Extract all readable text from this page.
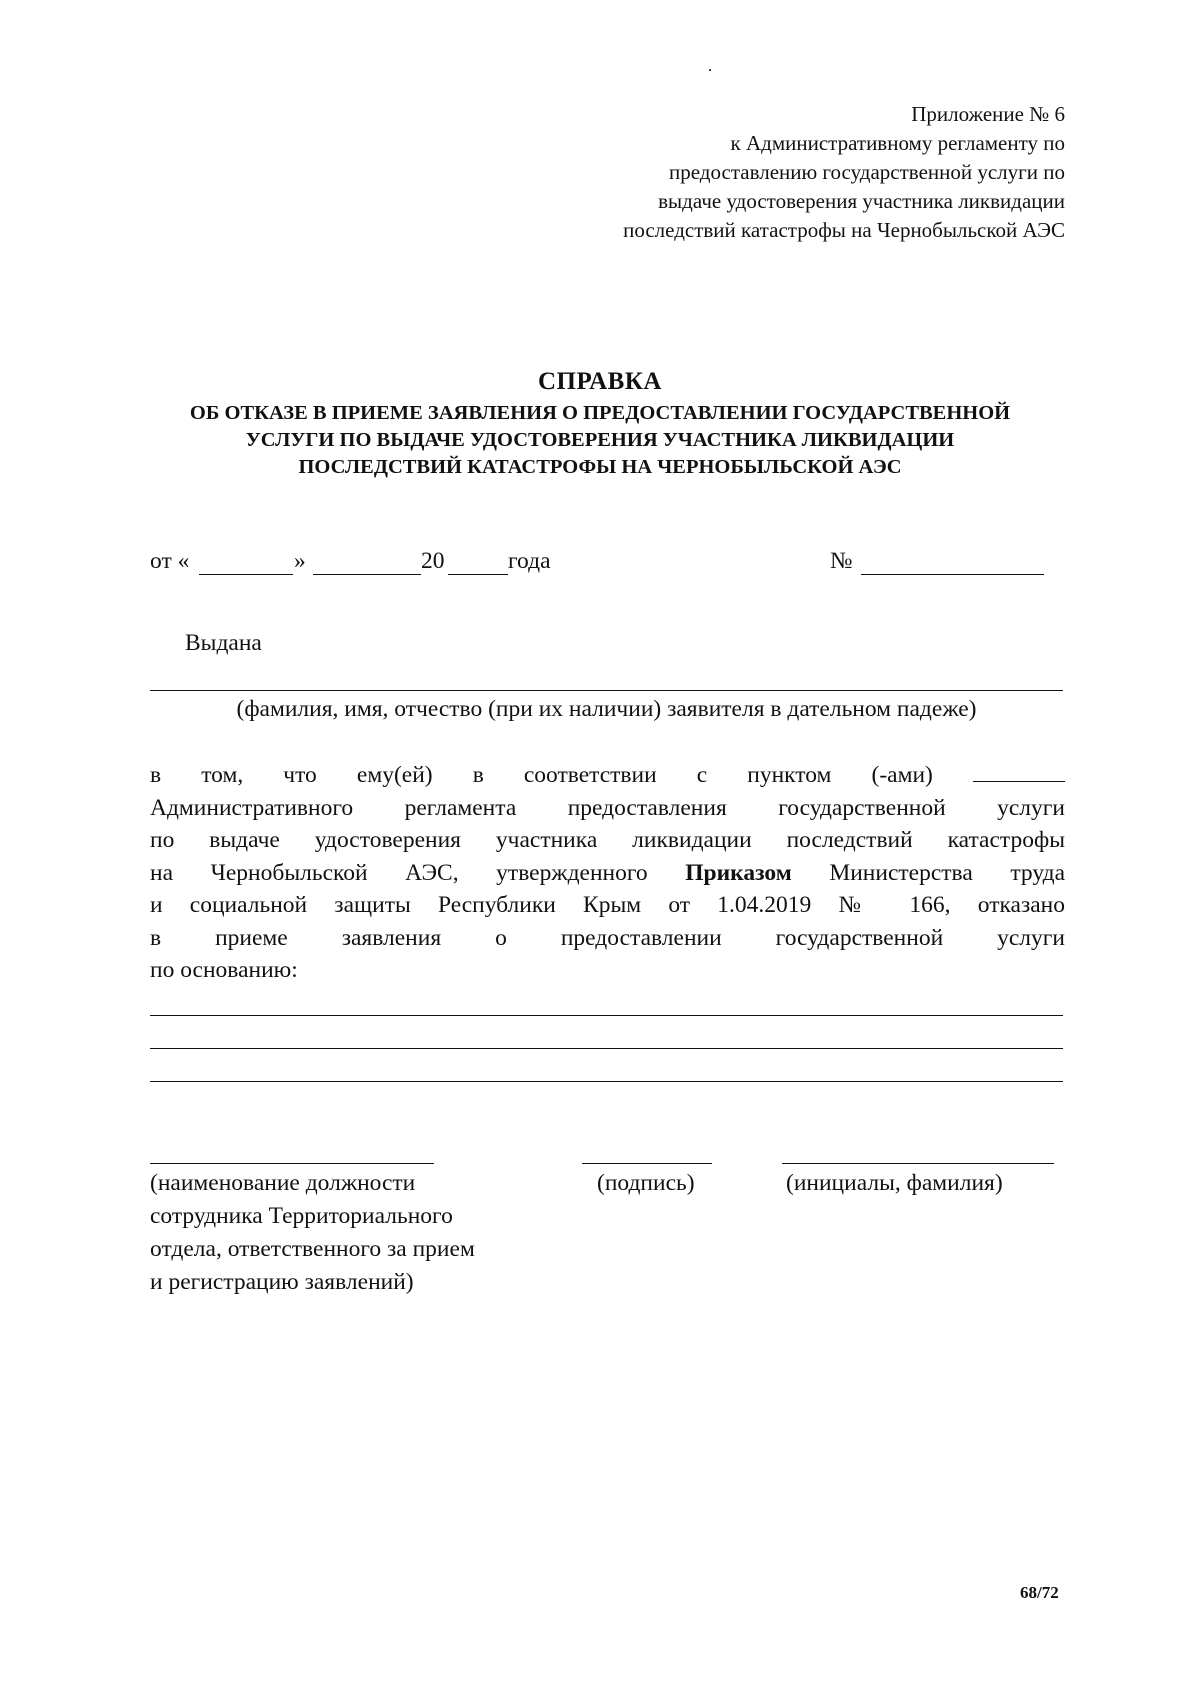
Приложение № 6
к Административному регламенту по
предоставлению государственной услуги по
выдаче удостоверения участника ликвидации
последствий катастрофы на Чернобыльской АЭС
СПРАВКА
ОБ ОТКАЗЕ В ПРИЕМЕ ЗАЯВЛЕНИЯ О ПРЕДОСТАВЛЕНИИ ГОСУДАРСТВЕННОЙ
УСЛУГИ ПО ВЫДАЧЕ УДОСТОВЕРЕНИЯ УЧАСТНИКА ЛИКВИДАЦИИ
ПОСЛЕДСТВИЙ КАТАСТРОФЫ НА ЧЕРНОБЫЛЬСКОЙ АЭС
от «	»	20	года	№
Выдана
(фамилия, имя, отчество (при их наличии) заявителя в дательном падеже)
в том, что ему(ей) в соответствии с пунктом (-ами)
Административного регламента предоставления государственной услуги
по выдаче удостоверения участника ликвидации последствий катастрофы
на Чернобыльской АЭС, утвержденного Приказом Министерства труда
и социальной защиты Республики Крым от 1.04.2019 № 166, отказано
в приеме заявления о предоставлении государственной услуги
по основанию:
(наименование должности
сотрудника Территориального
отдела, ответственного за прием
и регистрацию заявлений)
(подпись)	(инициалы, фамилия)
68/72
